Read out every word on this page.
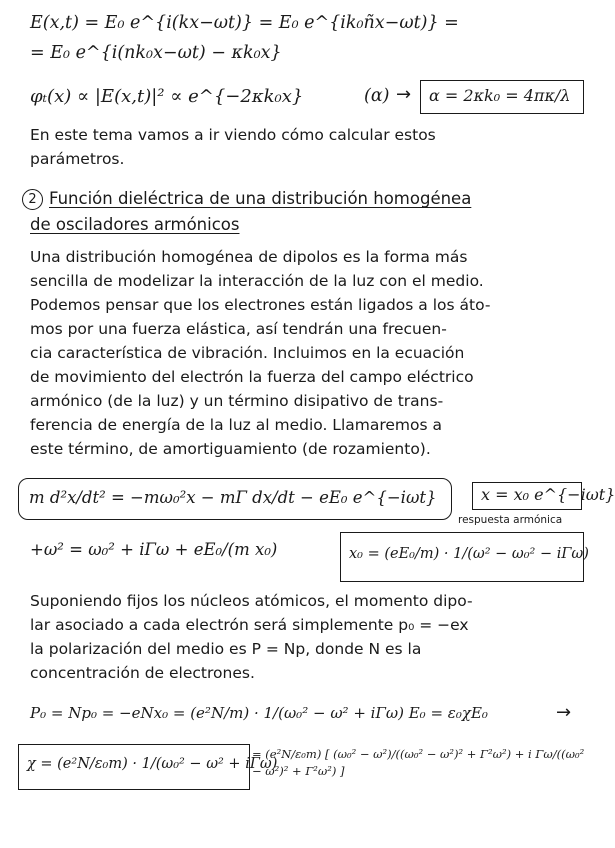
E(x,t) = E₀ e^{i(kx−ωt)} = E₀ e^{ik₀ñx−ωt)} =
= E₀ e^{i(nk₀x−ωt) − κk₀x}
φₜ(x) ∝ |E(x,t)|² ∝ e^{−2κk₀x}	(α) → α = 2κk₀ = 4πκ/λ
En este tema vamos a ir viendo cómo calcular estos
parámetros.
2 Función dieléctrica de una distribución homogénea
de osciladores armónicos
Una distribución homogénea de dipolos es la forma más
sencilla de modelizar la interacción de la luz con el medio.
Podemos pensar que los electrones están ligados a los áto-
mos por una fuerza elástica, así tendrán una frecuen-
cia característica de vibración. Incluimos en la ecuación
de movimiento del electrón la fuerza del campo eléctrico
armónico (de la luz) y un término disipativo de trans-
ferencia de energía de la luz al medio. Llamaremos a
este término, de amortiguamiento (de rozamiento).
m d²x/dt² = −mω₀²x − mΓ dx/dt − eE₀ e^{−iωt}	x = x₀ e^{−iωt}
respuesta armónica
+ω² = ω₀² + iΓω + eE₀/(m x₀)	x₀ = (eE₀/m) · 1/(ω² − ω₀² − iΓω)
Suponiendo fijos los núcleos atómicos, el momento dipo-
lar asociado a cada electrón será simplemente p₀ = −ex
la polarización del medio es P = Np, donde N es la
concentración de electrones.
P₀ = Np₀ = −eNx₀ = (e²N/m) · 1/(ω₀² − ω² + iΓω) E₀ = ε₀χE₀	→
χ = (e²N/ε₀m) · 1/(ω₀² − ω² + iΓω)
= (e²N/ε₀m) [ (ω₀² − ω²)/((ω₀² − ω²)² + Γ²ω²) + i Γω/((ω₀² − ω²)² + Γ²ω²) ]
